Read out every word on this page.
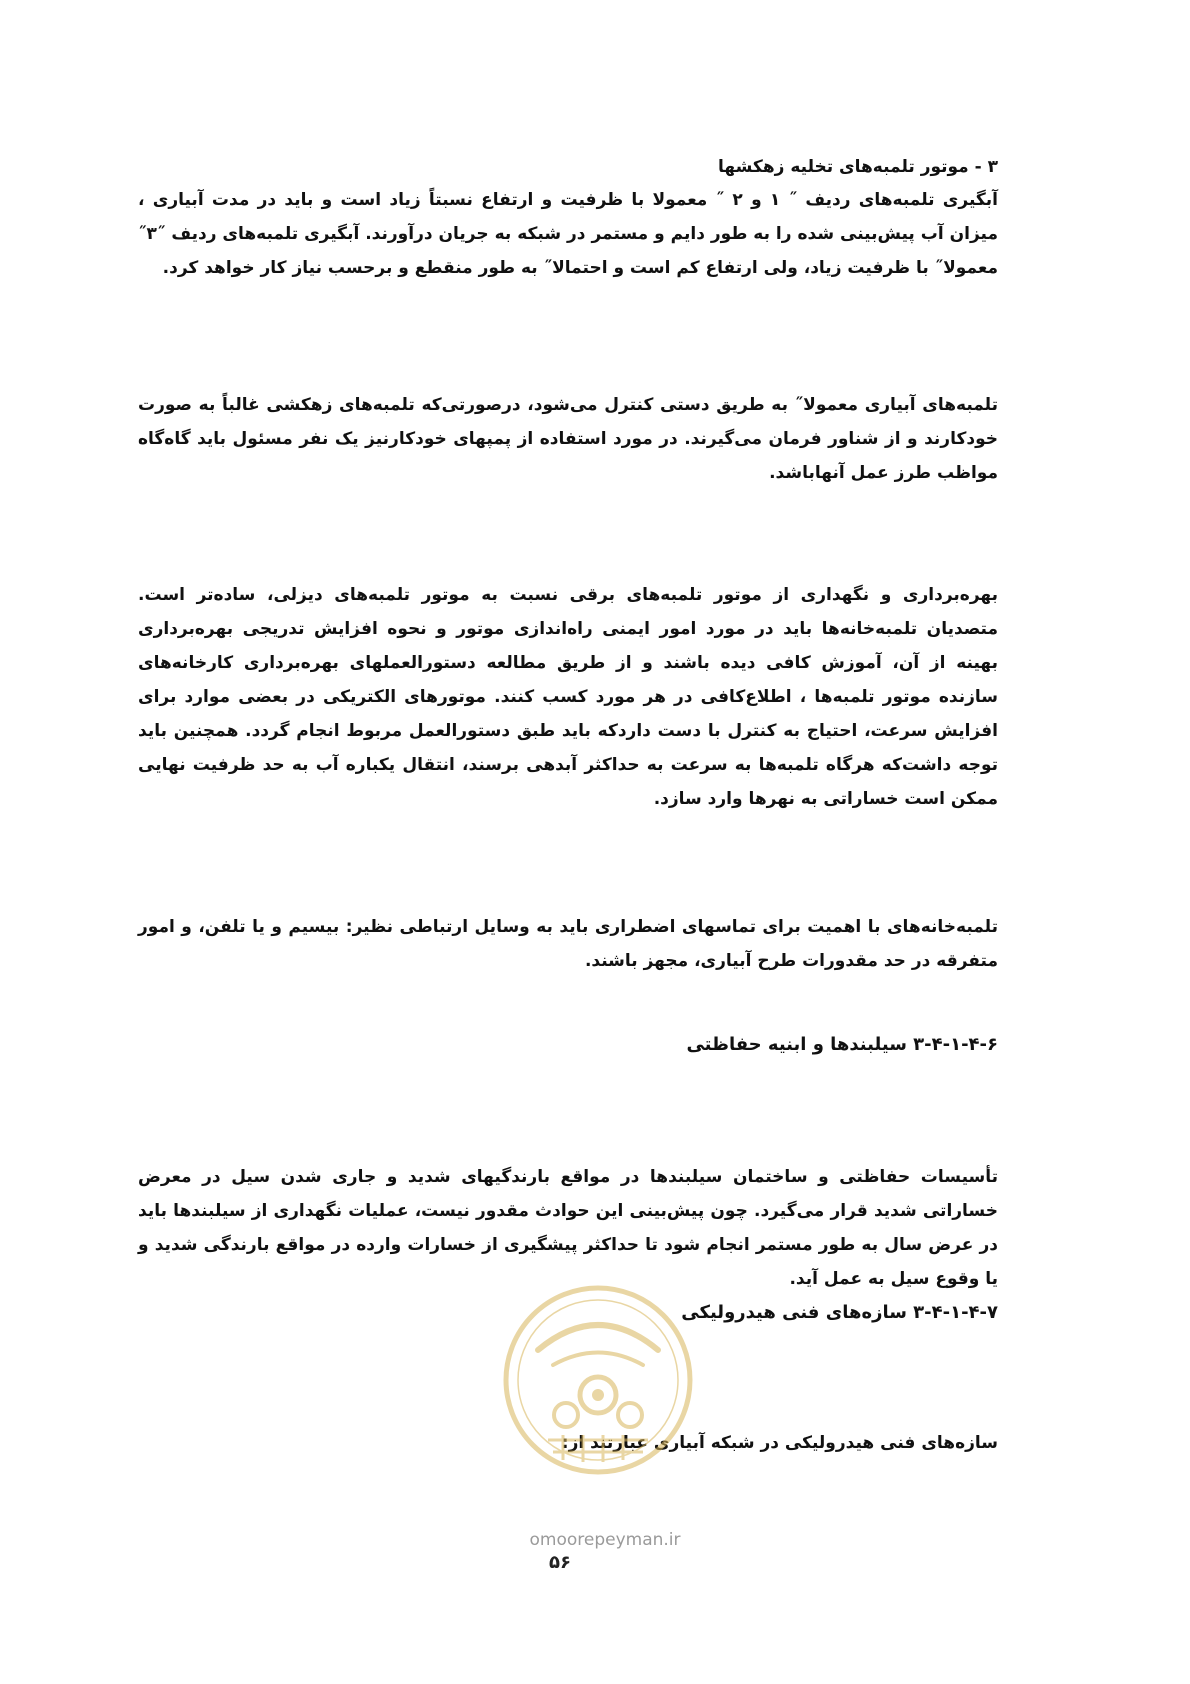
۳ - موتور تلمبه‌های تخلیه زهکشها

آبگیری تلمبه‌های ردیف ˝ ۱ و ۲ ˝ معمولا با ظرفیت و ارتفاع نسبتاً زیاد است و باید در مدت آبیاری ، میزان آب پیش‌بینی شده را به طور دایم و مستمر در شبکه به جریان درآورند. آبگیری تلمبه‌های ردیف ˝۳˝ معمولا˝ با ظرفیت زیاد، ولی ارتفاع کم است و احتمالا˝ به طور منقطع و برحسب نیاز کار خواهد کرد.

تلمبه‌های آبیاری معمولا˝ به طریق دستی کنترل می‌شود، درصورتی‌که تلمبه‌های زهکشی غالباً به صورت خودکارند و از شناور فرمان می‌گیرند. در مورد استفاده از پمپهای خودکارنیز یک نفر مسئول باید گاه‌گاه مواظب طرز عمل آنهاباشد.

بهره‌برداری و نگهداری از موتور تلمبه‌های برقی نسبت به موتور تلمبه‌های دیزلی، ساده‌تر است. متصدیان تلمبه‌خانه‌ها باید در مورد امور ایمنی راه‌اندازی موتور و نحوه افزایش تدریجی بهره‌برداری بهینه از آن، آموزش کافی دیده باشند و از طریق مطالعه دستورالعملهای بهره‌برداری کارخانه‌های سازنده موتور تلمبه‌ها ، اطلاع‌کافی در هر مورد کسب کنند. موتورهای الکتریکی در بعضی موارد برای افزایش سرعت، احتیاج به کنترل با دست دارد‌که باید طبق دستورالعمل مربوط انجام گردد. همچنین باید توجه داشت‌که هرگاه تلمبه‌ها به سرعت به حداکثر آبدهی برسند، انتقال یکباره آب به حد ظرفیت نهایی ممکن است خساراتی به نهرها وارد سازد.

تلمبه‌خانه‌های با اهمیت برای تماسهای اضطراری باید به وسایل ارتباطی نظیر: بیسیم و یا تلفن، و امور متفرقه در حد مقدورات طرح آبیاری، مجهز باشند.

۳-۴-۱-۴-۶ سیلبندها و ابنیه حفاظتی

تأسیسات حفاظتی و ساختمان سیلبندها در مواقع بارندگیهای شدید و جاری شدن سیل در معرض خساراتی شدید قرار می‌گیرد. چون پیش‌بینی این حوادث مقدور نیست، عملیات نگهداری از سیلبندها باید در عرض سال به طور مستمر انجام شود تا حداکثر پیشگیری از خسارات وارده در مواقع بارندگی شدید و یا وقوع سیل به عمل آید.

۳-۴-۱-۴-۷ سازه‌های فنی هیدرولیکی

سازه‌های فنی هیدرولیکی در شبکه آبیاری عبارتند از:

omoorepeyman.ir
۵۶
